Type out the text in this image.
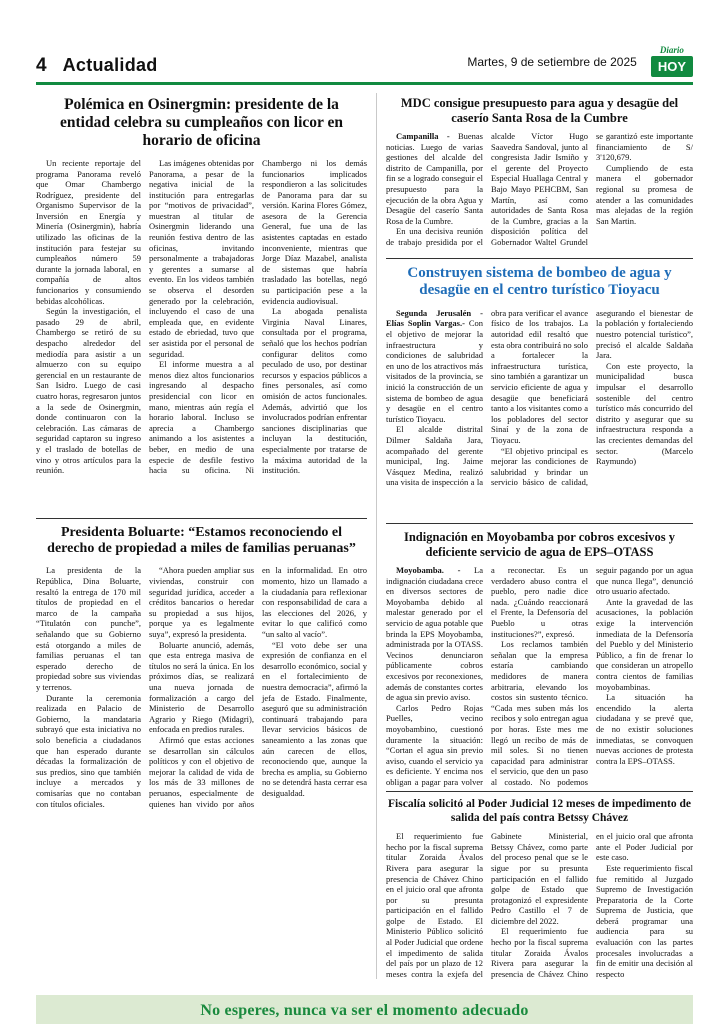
4 Actualidad	Martes, 9 de setiembre de 2025
Diario
HOY
Polémica en Osinergmin: presidente de la entidad celebra su cumpleaños con licor en horario de oficina

Un reciente reportaje del programa Panorama reveló que Omar Chambergo Rodríguez, presidente del Organismo Supervisor de la Inversión en Energía y Minería (Osinergmin), habría utilizado las oficinas de la institución para festejar su cumpleaños número 59 durante la jornada laboral, en compañía de altos funcionarios y consumiendo bebidas alcohólicas.

Según la investigación, el pasado 29 de abril, Chambergo se retiró de su despacho alrededor del mediodía para asistir a un almuerzo con su equipo gerencial en un restaurante de San Isidro. Luego de casi cuatro horas, regresaron juntos a la sede de Osinergmin, donde continuaron con la celebración. Las cámaras de seguridad captaron su ingreso y el traslado de botellas de vino y otros artículos para la reunión.

Las imágenes obtenidas por Panorama, a pesar de la negativa inicial de la institución para entregarlas por “motivos de privacidad”, muestran al titular de Osinergmin liderando una reunión festiva dentro de las oficinas, invitando personalmente a trabajadoras y gerentes a sumarse al evento. En los videos también se observa el desorden generado por la celebración, incluyendo el caso de una empleada que, en evidente estado de ebriedad, tuvo que ser asistida por el personal de seguridad.

El informe muestra a al menos diez altos funcionarios ingresando al despacho presidencial con licor en mano, mientras aún regía el horario laboral. Incluso se aprecia a Chambergo animando a los asistentes a beber, en medio de una especie de desfile festivo hacia su oficina. Ni Chambergo ni los demás funcionarios implicados respondieron a las solicitudes de Panorama para dar su versión. Karina Flores Gómez, asesora de la Gerencia General, fue una de las asistentes captadas en estado inconveniente, mientras que Jorge Díaz Mazabel, analista de sistemas que habría trasladado las botellas, negó su participación pese a la evidencia audiovisual.

La abogada penalista Virginia Naval Linares, consultada por el programa, señaló que los hechos podrían configurar delitos como peculado de uso, por destinar recursos y espacios públicos a fines personales, así como omisión de actos funcionales. Además, advirtió que los involucrados podrían enfrentar sanciones disciplinarias que incluyan la destitución, especialmente por tratarse de la máxima autoridad de la institución.

Presidenta Boluarte: “Estamos reconociendo el derecho de propiedad a miles de familias peruanas”

La presidenta de la República, Dina Boluarte, resaltó la entrega de 170 mil títulos de propiedad en el marco de la campaña “Titulatón con punche”, señalando que su Gobierno está otorgando a miles de familias peruanas el tan esperado derecho de propiedad sobre sus viviendas y terrenos.

Durante la ceremonia realizada en Palacio de Gobierno, la mandataria subrayó que esta iniciativa no solo beneficia a ciudadanos que han esperado durante décadas la formalización de sus predios, sino que también incluye a mercados y comisarías que no contaban con títulos oficiales.

“Ahora pueden ampliar sus viviendas, construir con seguridad jurídica, acceder a créditos bancarios o heredar su propiedad a sus hijos, porque ya es legalmente suya”, expresó la presidenta.

Boluarte anunció, además, que esta entrega masiva de títulos no será la única. En los próximos días, se realizará una nueva jornada de formalización a cargo del Ministerio de Desarrollo Agrario y Riego (Midagri), enfocada en predios rurales.

Afirmó que estas acciones se desarrollan sin cálculos políticos y con el objetivo de mejorar la calidad de vida de los más de 33 millones de peruanos, especialmente de quienes han vivido por años en la informalidad. En otro momento, hizo un llamado a la ciudadanía para reflexionar con responsabilidad de cara a las elecciones del 2026, y evitar lo que calificó como “un salto al vacío”.

“El voto debe ser una expresión de confianza en el desarrollo económico, social y en el fortalecimiento de nuestra democracia”, afirmó la jefa de Estado. Finalmente, aseguró que su administración continuará trabajando para llevar servicios básicos de saneamiento a las zonas que aún carecen de ellos, reconociendo que, aunque la brecha es amplia, su Gobierno no se detendrá hasta cerrar esa desigualdad.

MDC consigue presupuesto para agua y desagüe del caserío Santa Rosa de la Cumbre

Campanilla - Buenas noticias. Luego de varias gestiones del alcalde del distrito de Campanilla, por fin se a logrado conseguir el presupuesto para la ejecución de la obra Agua y Desagüe del caserío Santa Rosa de la Cumbre.

En una decisiva reunión de trabajo presidida por el alcalde Víctor Hugo Saavedra Sandoval, junto al congresista Jadir Ismiño y el gerente del Proyecto Especial Huallaga Central y Bajo Mayo PEHCBM, San Martín, así como autoridades de Santa Rosa de la Cumbre, gracias a la disposición política del Gobernador Waltel Grundel se garantizó este importante financiamiento de S/ 3'120,679.

Cumpliendo de esta manera el gobernador regional su promesa de atender a las comunidades mas alejadas de la región San Martin.

Construyen sistema de bombeo de agua y desagüe en el centro turístico Tioyacu

Segunda Jerusalén - Elías Soplin Vargas.- Con el objetivo de mejorar la infraestructura y condiciones de salubridad en uno de los atractivos más visitados de la provincia, se inició la construcción de un sistema de bombeo de agua y desagüe en el centro turístico Tioyacu.

El alcalde distrital Dilmer Saldaña Jara, acompañado del gerente municipal, Ing. Jaime Vásquez Medina, realizó una visita de inspección a la obra para verificar el avance físico de los trabajos. La autoridad edil resaltó que esta obra contribuirá no solo a fortalecer la infraestructura turística, sino también a garantizar un servicio eficiente de agua y desagüe que beneficiará tanto a los visitantes como a los pobladores del sector Sinaí y de la zona de Tioyacu.

“El objetivo principal es mejorar las condiciones de salubridad y brindar un servicio básico de calidad, asegurando el bienestar de la población y fortaleciendo nuestro potencial turístico”, precisó el alcalde Saldaña Jara.

Con este proyecto, la municipalidad busca impulsar el desarrollo sostenible del centro turístico más concurrido del distrito y asegurar que su infraestructura responda a las crecientes demandas del sector. (Marcelo Raymundo)

Indignación en Moyobamba por cobros excesivos y deficiente servicio de agua de EPS–OTASS

Moyobamba. - La indignación ciudadana crece en diversos sectores de Moyobamba debido al malestar generado por el servicio de agua potable que brinda la EPS Moyobamba, administrada por la OTASS. Vecinos denunciaron públicamente cobros excesivos por reconexiones, además de constantes cortes de agua sin previo aviso.

Carlos Pedro Rojas Puelles, vecino moyobambino, cuestionó duramente la situación: “Cortan el agua sin previo aviso, cuando el servicio ya es deficiente. Y encima nos obligan a pagar para volver a reconectar. Es un verdadero abuso contra el pueblo, pero nadie dice nada. ¿Cuándo reaccionará el Frente, la Defensoría del Pueblo u otras instituciones?”, expresó.

Los reclamos también señalan que la empresa estaría cambiando medidores de manera arbitraria, elevando los costos sin sustento técnico. “Cada mes suben más los recibos y solo entregan agua por horas. Este mes me llegó un recibo de más de mil soles. Si no tienen capacidad para administrar el servicio, que den un paso al costado. No podemos seguir pagando por un agua que nunca llega”, denunció otro usuario afectado.

Ante la gravedad de las acusaciones, la población exige la intervención inmediata de la Defensoría del Pueblo y del Ministerio Público, a fin de frenar lo que consideran un atropello contra cientos de familias moyobambinas.

La situación ha encendido la alerta ciudadana y se prevé que, de no existir soluciones inmediatas, se convoquen nuevas acciones de protesta contra la EPS–OTASS.

Fiscalía solicitó al Poder Judicial 12 meses de impedimento de salida del país contra Betssy Chávez

El requerimiento fue hecho por la fiscal suprema titular Zoraida Ávalos Rivera para asegurar la presencia de Chávez Chino en el juicio oral que afronta por su presunta participación en el fallido golpe de Estado. El Ministerio Público solicitó al Poder Judicial que ordene el impedimento de salida del país por un plazo de 12 meses contra la exjefa del Gabinete Ministerial, Betssy Chávez, como parte del proceso penal que se le sigue por su presunta participación en el fallido golpe de Estado que protagonizó el expresidente Pedro Castillo el 7 de diciembre del 2022.

El requerimiento fue hecho por la fiscal suprema titular Zoraida Ávalos Rivera para asegurar la presencia de Chávez Chino en el juicio oral que afronta ante el Poder Judicial por este caso.

Este requerimiento fiscal fue remitido al Juzgado Supremo de Investigación Preparatoria de la Corte Suprema de Justicia, que deberá programar una audiencia para su evaluación con las partes procesales involucradas a fin de emitir una decisión al respecto

No esperes, nunca va ser el momento adecuado
